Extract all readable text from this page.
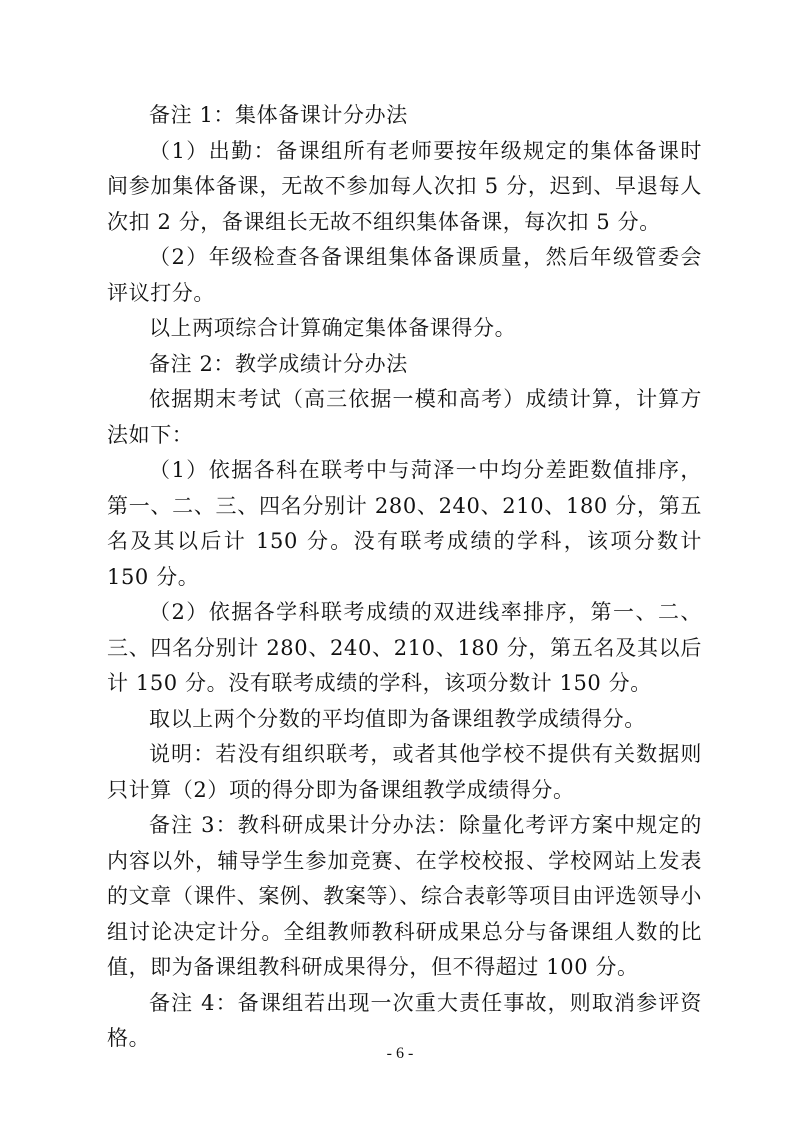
备注 1：集体备课计分办法

（1）出勤：备课组所有老师要按年级规定的集体备课时间参加集体备课，无故不参加每人次扣 5 分，迟到、早退每人次扣 2 分，备课组长无故不组织集体备课，每次扣 5 分。

（2）年级检查各备课组集体备课质量，然后年级管委会评议打分。

以上两项综合计算确定集体备课得分。

备注 2：教学成绩计分办法

依据期末考试（高三依据一模和高考）成绩计算，计算方法如下：

（1）依据各科在联考中与菏泽一中均分差距数值排序，第一、二、三、四名分别计 280、240、210、180 分，第五名及其以后计 150 分。没有联考成绩的学科，该项分数计 150 分。

（2）依据各学科联考成绩的双进线率排序，第一、二、三、四名分别计 280、240、210、180 分，第五名及其以后计 150 分。没有联考成绩的学科，该项分数计 150 分。

取以上两个分数的平均值即为备课组教学成绩得分。

说明：若没有组织联考，或者其他学校不提供有关数据则只计算（2）项的得分即为备课组教学成绩得分。

备注 3：教科研成果计分办法：除量化考评方案中规定的内容以外，辅导学生参加竞赛、在学校校报、学校网站上发表的文章（课件、案例、教案等）、综合表彰等项目由评选领导小组讨论决定计分。全组教师教科研成果总分与备课组人数的比值，即为备课组教科研成果得分，但不得超过 100 分。

备注 4：备课组若出现一次重大责任事故，则取消参评资格。

- 6 -
